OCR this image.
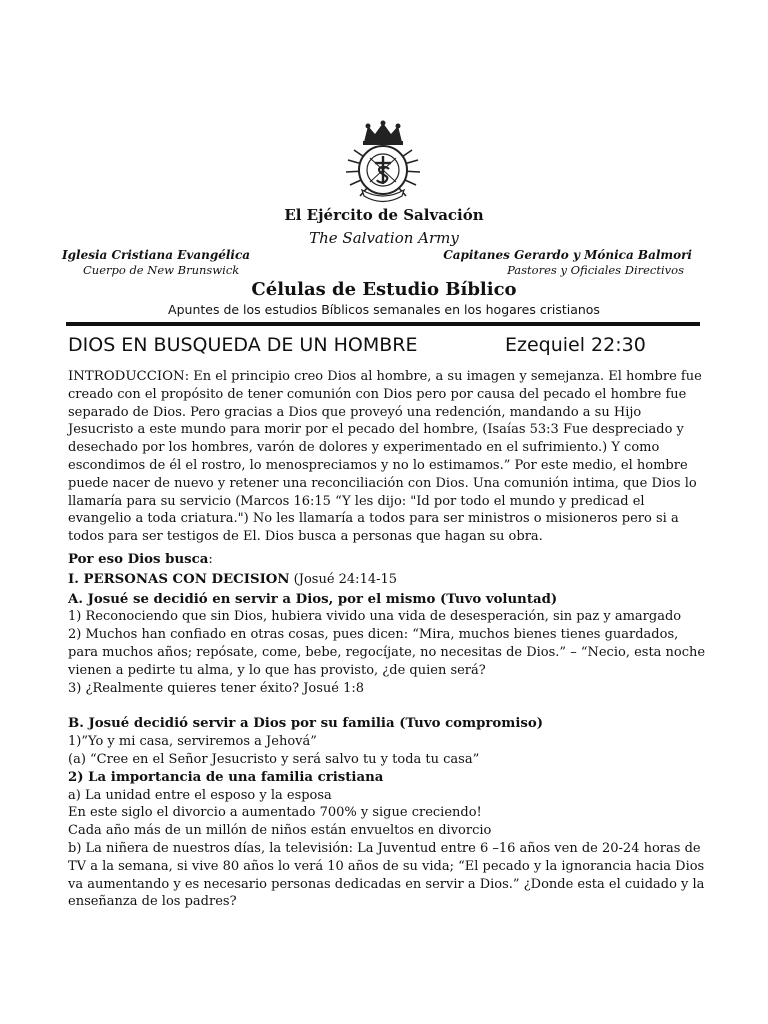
El Ejército de Salvación
The Salvation Army
Iglesia Cristiana Evangélica
Cuerpo de New Brunswick
Capitanes Gerardo y Mónica Balmori
Pastores y Oficiales Directivos
Células de Estudio Bíblico
Apuntes de los estudios Bíblicos semanales en los hogares cristianos
DIOS EN BUSQUEDA DE UN HOMBRE	Ezequiel 22:30

INTRODUCCION: En el principio creo Dios al hombre, a su imagen y semejanza. El hombre fue creado con el propósito de tener comunión con Dios pero por causa del pecado el hombre fue separado de Dios. Pero gracias a Dios que proveyó una redención, mandando a su Hijo Jesucristo a este mundo para morir por el pecado del hombre, (Isaías 53:3 Fue despreciado y desechado por los hombres, varón de dolores y experimentado en el sufrimiento.) Y como escondimos de él el rostro, lo menospreciamos y no lo estimamos.” Por este medio, el hombre puede nacer de nuevo y retener una reconciliación con Dios. Una comunión intima, que Dios lo llamaría para su servicio (Marcos 16:15 “Y les dijo: "Id por todo el mundo y predicad el evangelio a toda criatura.") No les llamaría a todos para ser ministros o misioneros pero si a todos para ser testigos de El. Dios busca a personas que hagan su obra.

Por eso Dios busca:

I. PERSONAS CON DECISION (Josué 24:14-15

A. Josué se decidió en servir a Dios, por el mismo (Tuvo voluntad)

1) Reconociendo que sin Dios, hubiera vivido una vida de desesperación, sin paz y amargado

2) Muchos han confiado en otras cosas, pues dicen: “Mira, muchos bienes tienes guardados, para muchos años; repósate, come, bebe, regocíjate, no necesitas de Dios.” – “Necio, esta noche vienen a pedirte tu alma, y lo que has provisto, ¿de quien será?

3) ¿Realmente quieres tener éxito? Josué 1:8

B. Josué decidió servir a Dios por su familia (Tuvo compromiso)

1)”Yo y mi casa, serviremos a Jehová”

(a) “Cree en el Señor Jesucristo y será salvo tu y toda tu casa”

2) La importancia de una familia cristiana

a) La unidad entre el esposo y la esposa

En este siglo el divorcio a aumentado 700% y sigue creciendo!

Cada año más de un millón de niños están envueltos en divorcio

b) La niñera de nuestros días, la televisión: La Juventud entre 6 –16 años ven de 20-24 horas de TV a la semana, si vive 80 años lo verá 10 años de su vida; “El pecado y la ignorancia hacia Dios va aumentando y es necesario personas dedicadas en servir a Dios.” ¿Donde esta el cuidado y la enseñanza de los padres?
